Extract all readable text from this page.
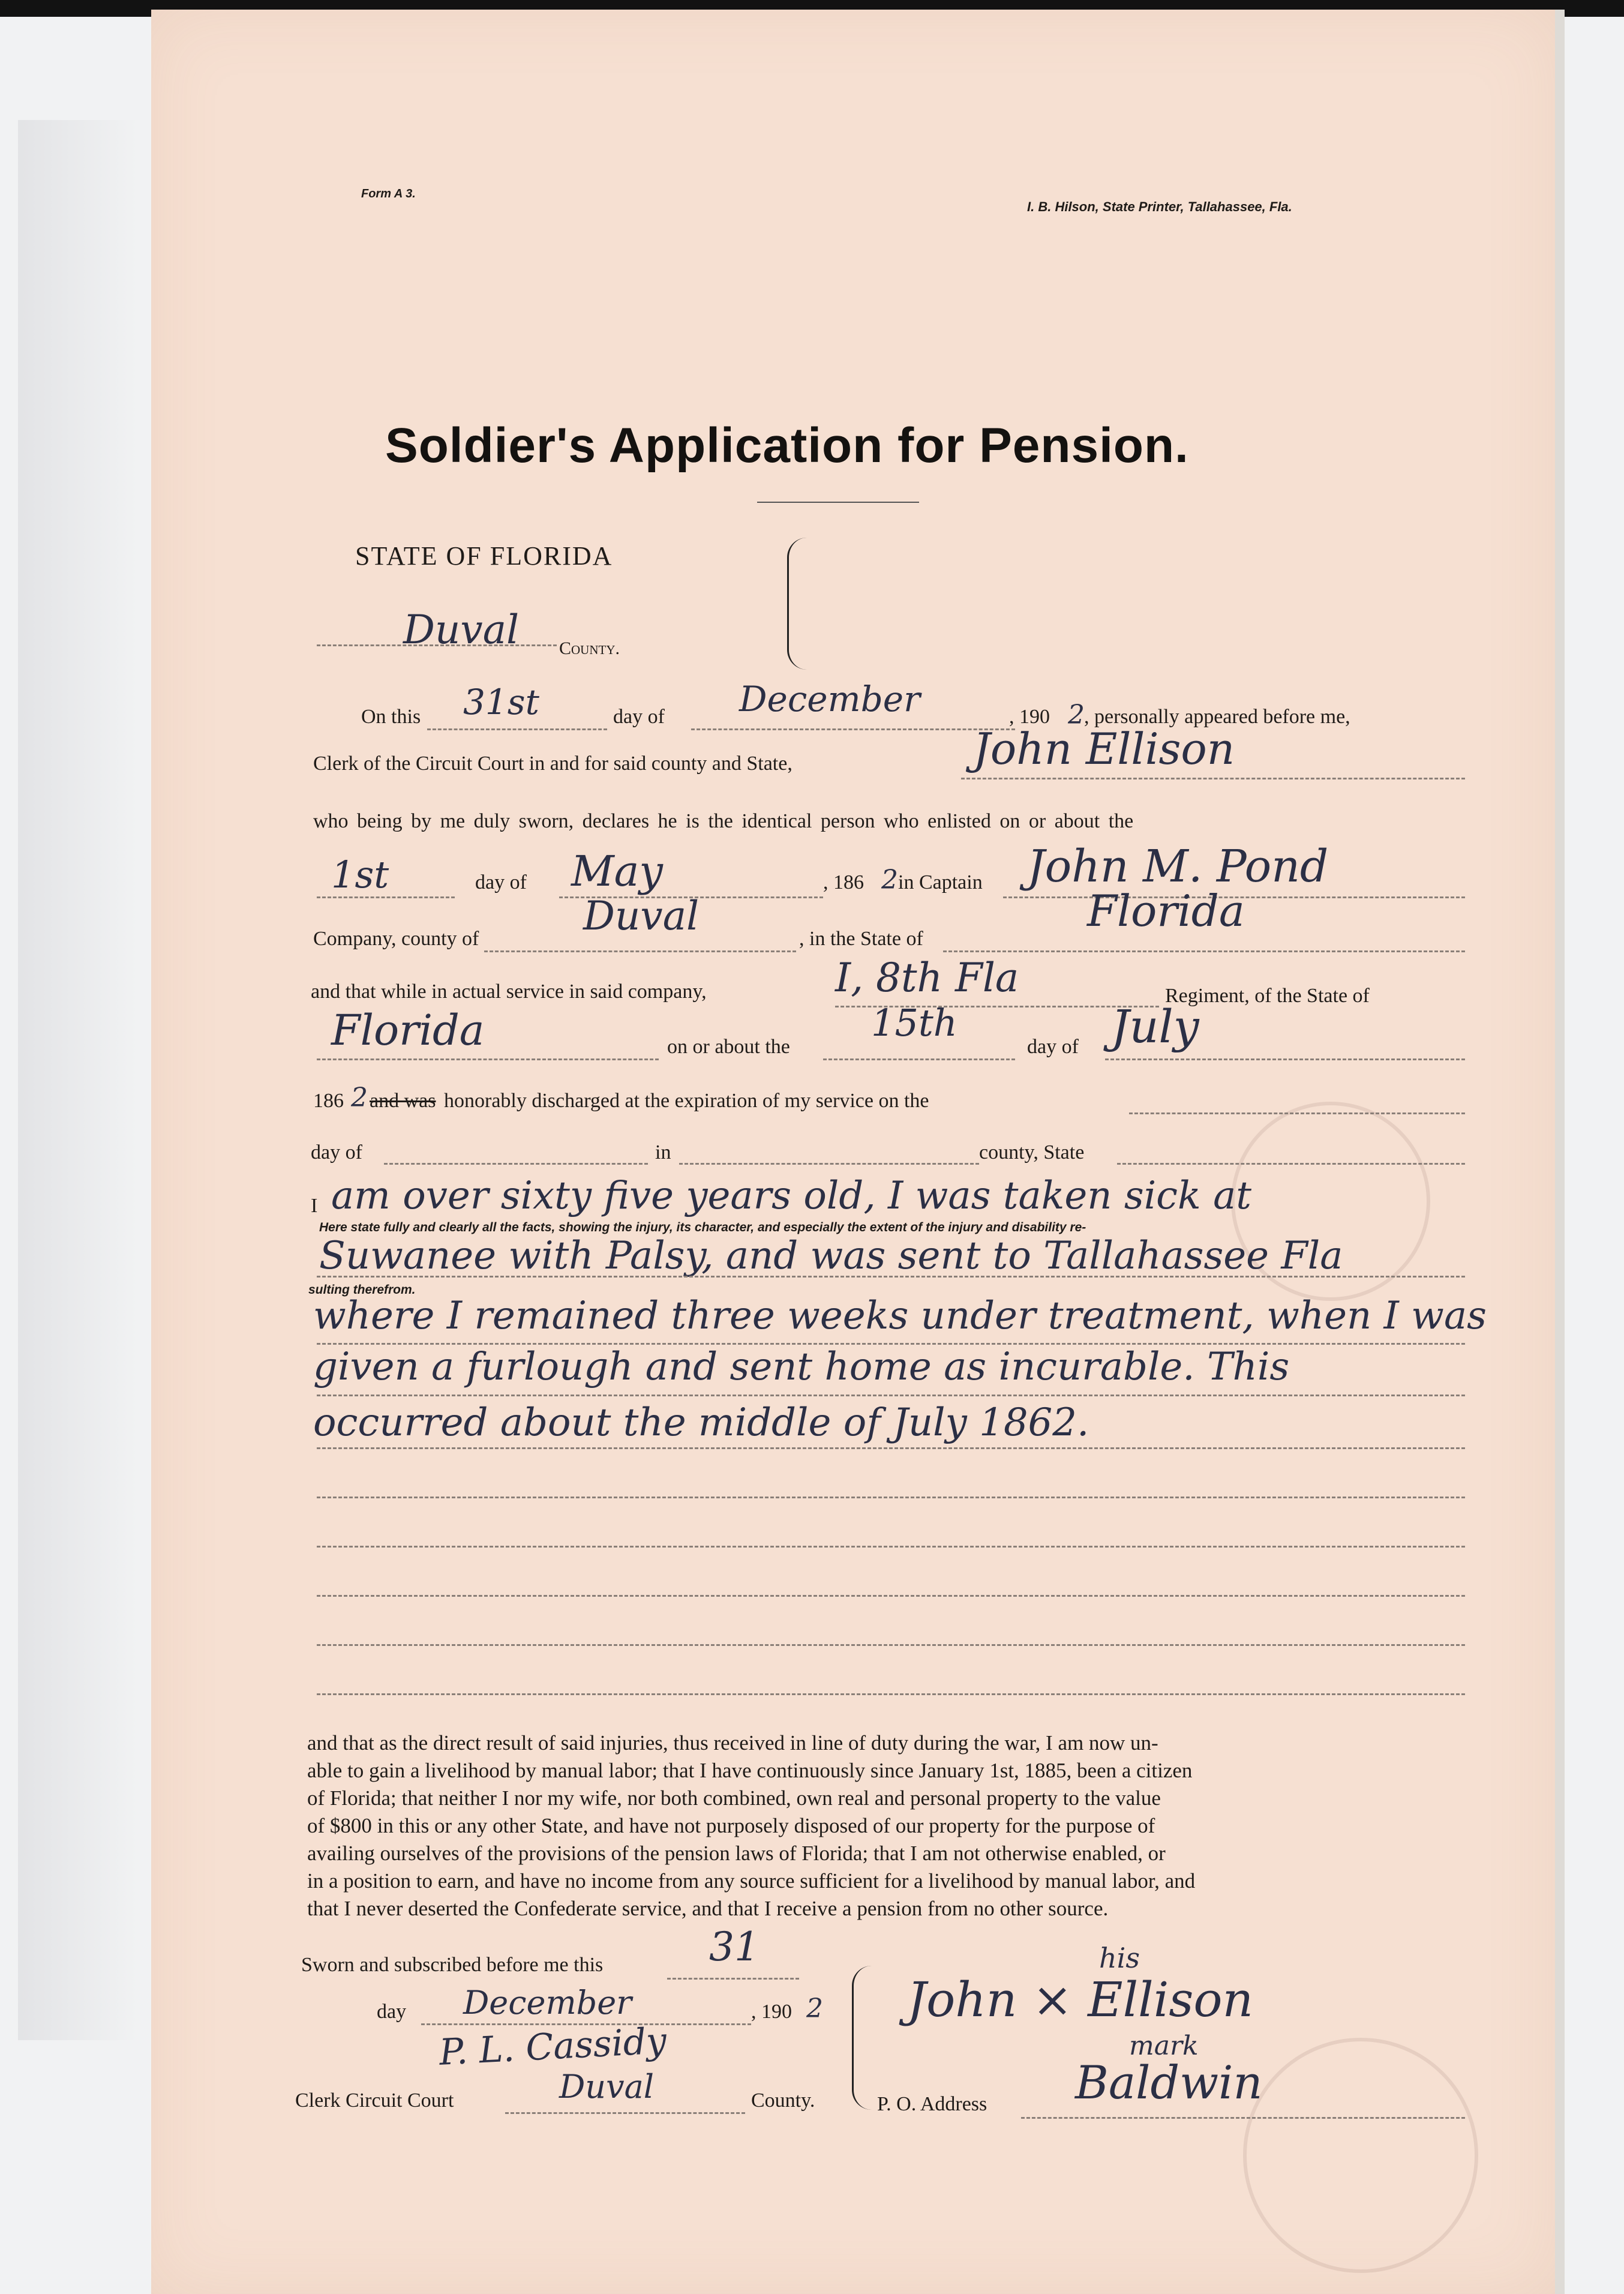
Form A 3.
I. B. Hilson, State Printer, Tallahassee, Fla.
Soldier's Application for Pension.
STATE OF FLORIDA
Duval County.
On this 31st	day of December	, 190 2 , personally appeared before me,
Clerk of the Circuit Court in and for said county and State,	John Ellison
who being by me duly sworn, declares he is the identical person who enlisted on or about the
1st	day of May	, 186 2 in Captain John M. Pond
Company, county of	Duval	, in the State of
Florida
and that while in actual service in said company,	I, 8th Fla	Regiment, of the State of
Florida	on or about the
15th
day of July
186 2 and was honorably discharged at the expiration of my service on the
day of	in	county, State
I am over sixty five years old, I was taken sick at
Here state fully and clearly all the facts, showing the injury, its character, and especially the extent of the injury and disability re-
Suwanee with Palsy, and was sent to Tallahassee Fla
sulting therefrom.
where I remained three weeks under treatment, when I was
given a furlough and sent home as incurable. This
occurred about the middle of July 1862.
and that as the direct result of said injuries, thus received in line of duty during the war, I am now un-
able to gain a livelihood by manual labor; that I have continuously since January 1st, 1885, been a citizen
of Florida; that neither I nor my wife, nor both combined, own real and personal property to the value
of $800 in this or any other State, and have not purposely disposed of our property for the purpose of
availing ourselves of the provisions of the pension laws of Florida; that I am not otherwise enabled, or
in a position to earn, and have no income from any source sufficient for a livelihood by manual labor, and
that I never deserted the Confederate service, and that I receive a pension from no other source.
Sworn and subscribed before me this	31
day December	, 190 2
P. L. Cassidy
Clerk Circuit Court	Duval	County.
his
John × Ellison
mark
P. O. Address Baldwin
